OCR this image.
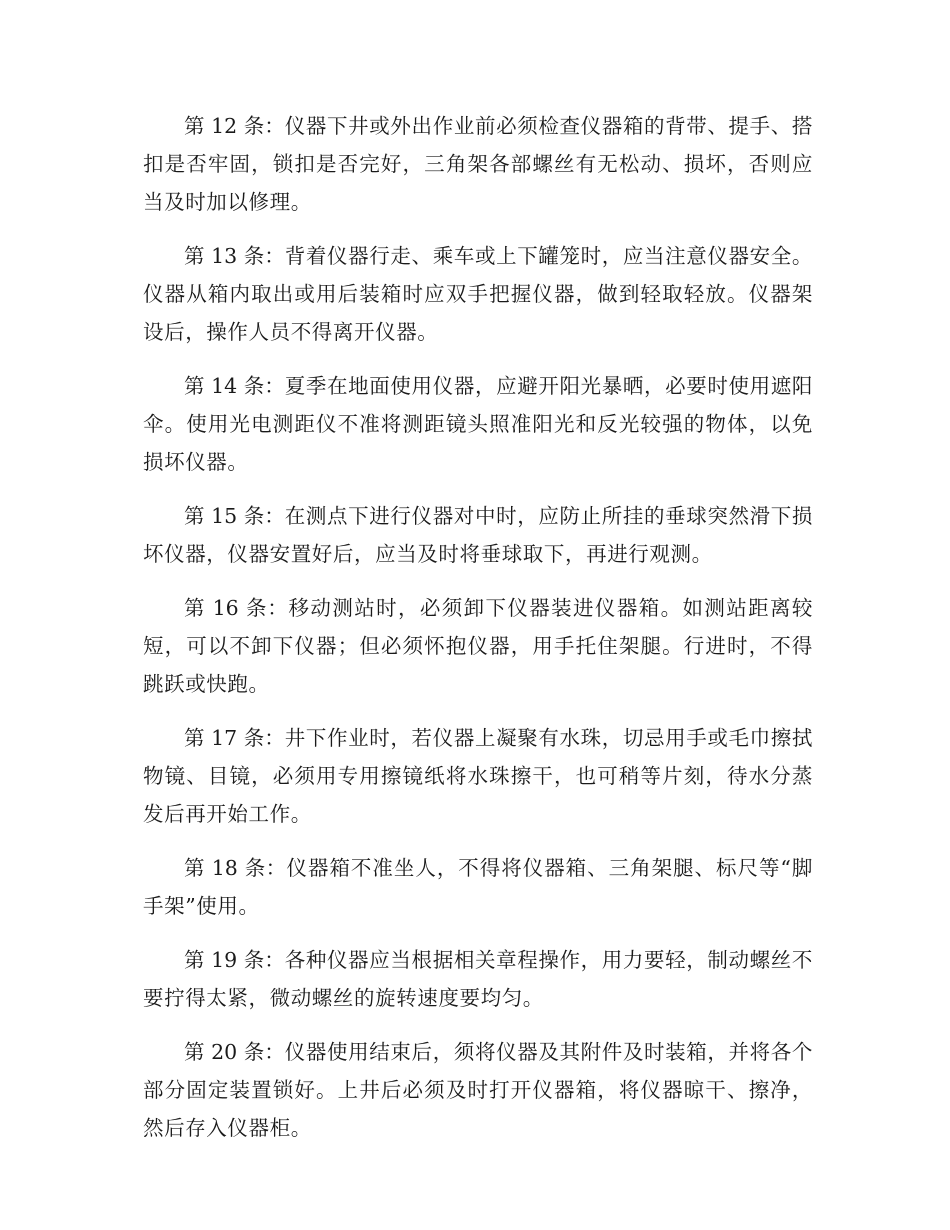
第 12 条：仪器下井或外出作业前必须检查仪器箱的背带、提手、搭扣是否牢固，锁扣是否完好，三角架各部螺丝有无松动、损坏，否则应当及时加以修理。

第 13 条：背着仪器行走、乘车或上下罐笼时，应当注意仪器安全。仪器从箱内取出或用后装箱时应双手把握仪器，做到轻取轻放。仪器架设后，操作人员不得离开仪器。

第 14 条：夏季在地面使用仪器，应避开阳光暴晒，必要时使用遮阳伞。使用光电测距仪不准将测距镜头照准阳光和反光较强的物体，以免损坏仪器。

第 15 条：在测点下进行仪器对中时，应防止所挂的垂球突然滑下损坏仪器，仪器安置好后，应当及时将垂球取下，再进行观测。

第 16 条：移动测站时，必须卸下仪器装进仪器箱。如测站距离较短，可以不卸下仪器；但必须怀抱仪器，用手托住架腿。行进时，不得跳跃或快跑。

第 17 条：井下作业时，若仪器上凝聚有水珠，切忌用手或毛巾擦拭物镜、目镜，必须用专用擦镜纸将水珠擦干，也可稍等片刻，待水分蒸发后再开始工作。

第 18 条：仪器箱不准坐人，不得将仪器箱、三角架腿、标尺等“脚手架”使用。

第 19 条：各种仪器应当根据相关章程操作，用力要轻，制动螺丝不要拧得太紧，微动螺丝的旋转速度要均匀。

第 20 条：仪器使用结束后，须将仪器及其附件及时装箱，并将各个部分固定装置锁好。上井后必须及时打开仪器箱，将仪器晾干、擦净，然后存入仪器柜。
